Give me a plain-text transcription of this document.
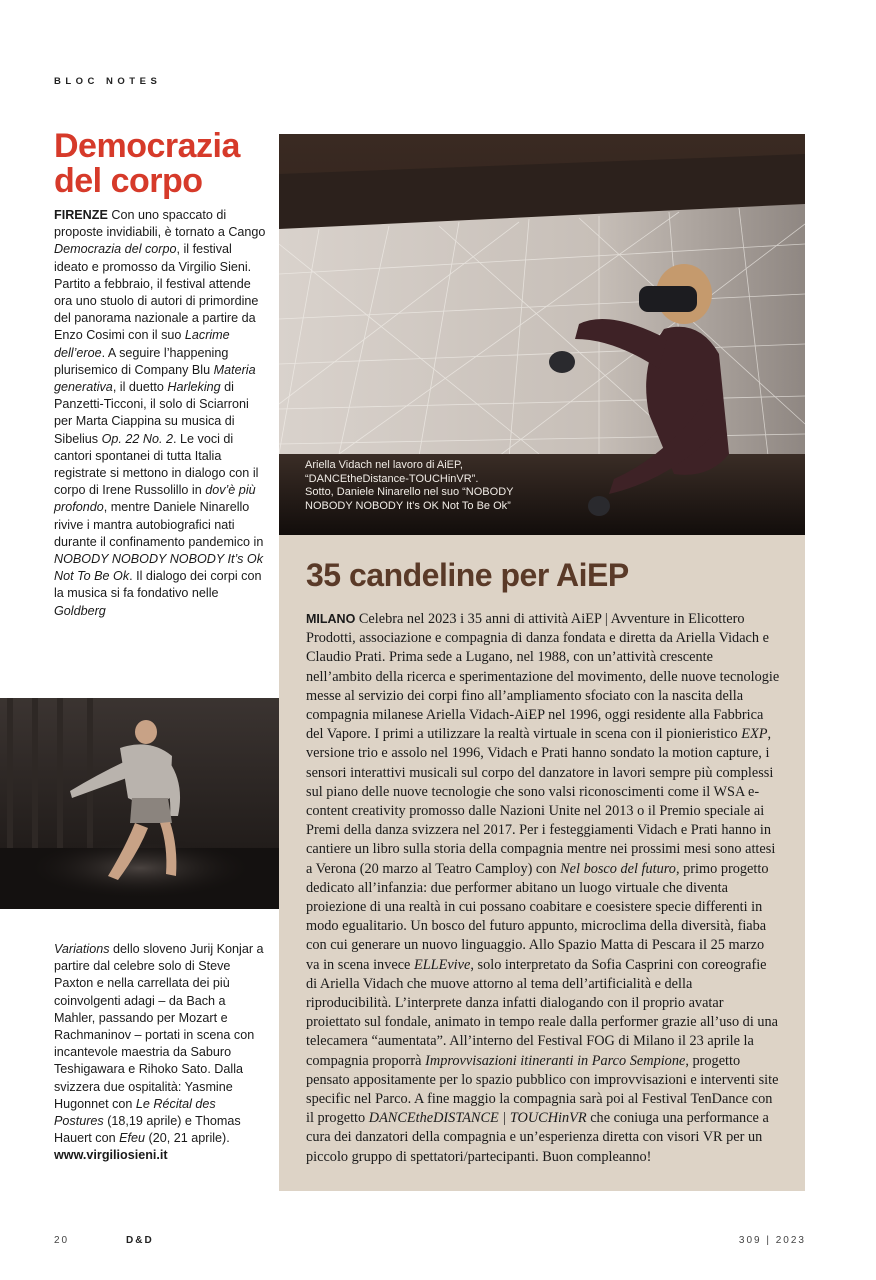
BLOC NOTES
Democrazia del corpo

FIRENZE Con uno spaccato di proposte invidiabili, è tornato a Cango Democrazia del corpo, il festival ideato e promosso da Virgilio Sieni. Partito a febbraio, il festival attende ora uno stuolo di autori di primordine del panorama nazionale a partire da Enzo Cosimi con il suo Lacrime dell’eroe. A seguire l’happening plurisemico di Company Blu Materia generativa, il duetto Harleking di Panzetti-Ticconi, il solo di Sciarroni per Marta Ciappina su musica di Sibelius Op. 22 No. 2. Le voci di cantori spontanei di tutta Italia registrate si mettono in dialogo con il corpo di Irene Russolillo in dov’è più profondo, mentre Daniele Ninarello rivive i mantra autobiografici nati durante il confinamento pandemico in NOBODY NOBODY NOBODY It’s Ok Not To Be Ok. Il dialogo dei corpi con la musica si fa fondativo nelle Goldberg

Ariella Vidach nel lavoro di AiEP,
“DANCEtheDistance-TOUCHinVR”.
Sotto, Daniele Ninarello nel suo “NOBODY
NOBODY NOBODY It’s OK Not To Be Ok”

Variations dello sloveno Jurij Konjar a partire dal celebre solo di Steve Paxton e nella carrellata dei più coinvolgenti adagi – da Bach a Mahler, passando per Mozart e Rachmaninov – portati in scena con incantevole maestria da Saburo Teshigawara e Rihoko Sato. Dalla svizzera due ospitalità: Yasmine Hugonnet con Le Récital des Postures (18,19 aprile) e Thomas Hauert con Efeu (20, 21 aprile).
www.virgiliosieni.it

35 candeline per AiEP

MILANO Celebra nel 2023 i 35 anni di attività AiEP | Avventure in Elicottero Prodotti, associazione e compagnia di danza fondata e diretta da Ariella Vidach e Claudio Prati. Prima sede a Lugano, nel 1988, con un’attività crescente nell’ambito della ricerca e sperimentazione del movimento, delle nuove tecnologie messe al servizio dei corpi fino all’ampliamento sfociato con la nascita della compagnia milanese Ariella Vidach-AiEP nel 1996, oggi residente alla Fabbrica del Vapore. I primi a utilizzare la realtà virtuale in scena con il pionieristico EXP, versione trio e assolo nel 1996, Vidach e Prati hanno sondato la motion capture, i sensori interattivi musicali sul corpo del danzatore in lavori sempre più complessi sul piano delle nuove tecnologie che sono valsi riconoscimenti come il WSA e-content creativity promosso dalle Nazioni Unite nel 2013 o il Premio speciale ai Premi della danza svizzera nel 2017. Per i festeggiamenti Vidach e Prati hanno in cantiere un libro sulla storia della compagnia mentre nei prossimi mesi sono attesi a Verona (20 marzo al Teatro Camploy) con Nel bosco del futuro, primo progetto dedicato all’infanzia: due performer abitano un luogo virtuale che diventa proiezione di una realtà in cui possano coabitare e coesistere specie differenti in modo egualitario. Un bosco del futuro appunto, microclima della diversità, fiaba con cui generare un nuovo linguaggio. Allo Spazio Matta di Pescara il 25 marzo va in scena invece ELLEvive, solo interpretato da Sofia Casprini con coreografie di Ariella Vidach che muove attorno al tema dell’artificialità e della riproducibilità. L’interprete danza infatti dialogando con il proprio avatar proiettato sul fondale, animato in tempo reale dalla performer grazie all’uso di una telecamera “aumentata”. All’interno del Festival FOG di Milano il 23 aprile la compagnia proporrà Improvvisazioni itineranti in Parco Sempione, progetto pensato appositamente per lo spazio pubblico con improvvisazioni e interventi site specific nel Parco. A fine maggio la compagnia sarà poi al Festival TenDance con il progetto DANCEtheDISTANCE | TOUCHinVR che coniuga una performance a cura dei danzatori della compagnia e un’esperienza diretta con visori VR per un piccolo gruppo di spettatori/partecipanti. Buon compleanno!

20	D&D	309 | 2023
